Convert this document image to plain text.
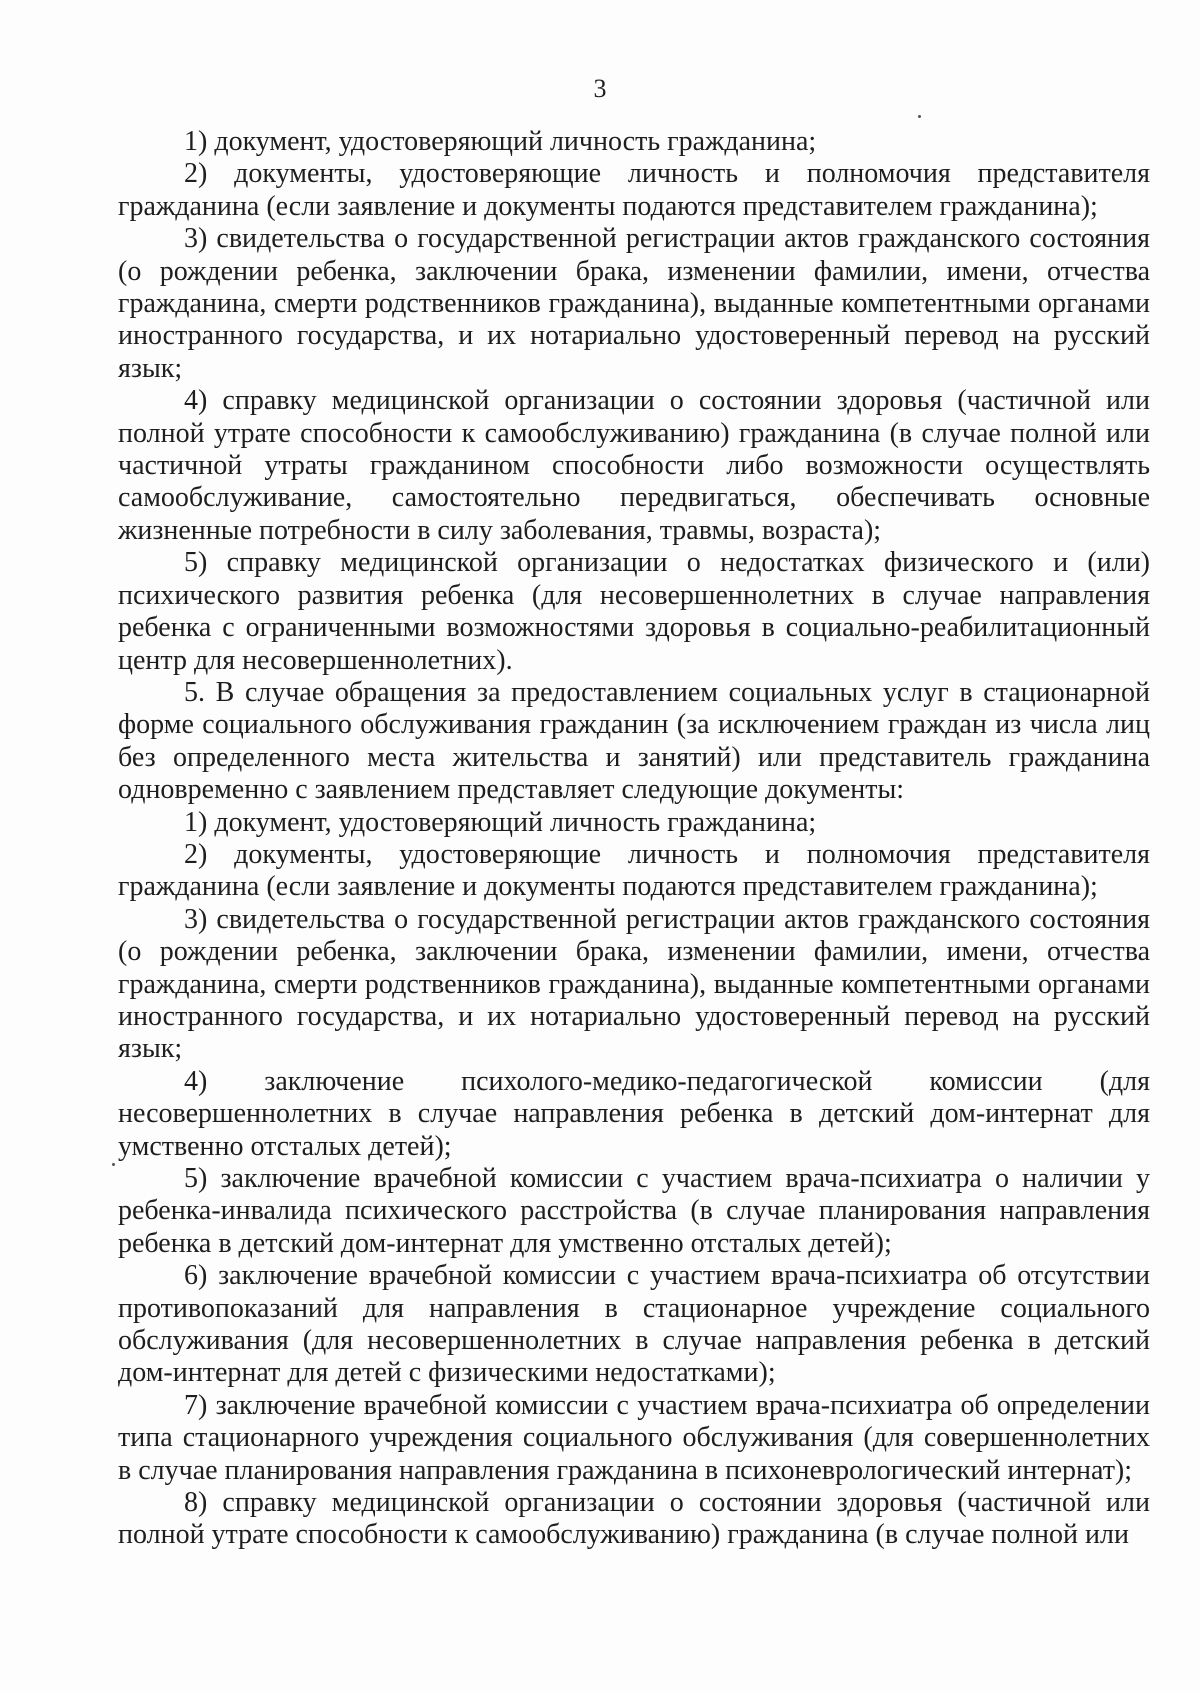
3

1) документ, удостоверяющий личность гражданина;

2) документы, удостоверяющие личность и полномочия представителя гражданина (если заявление и документы подаются представителем гражданина);

3) свидетельства о государственной регистрации актов гражданского состояния (о рождении ребенка, заключении брака, изменении фамилии, имени, отчества гражданина, смерти родственников гражданина), выданные компетентными органами иностранного государства, и их нотариально удостоверенный перевод на русский язык;

4) справку медицинской организации о состоянии здоровья (частичной или полной утрате способности к самообслуживанию) гражданина (в случае полной или частичной утраты гражданином способности либо возможности осуществлять самообслуживание, самостоятельно передвигаться, обеспечивать основные жизненные потребности в силу заболевания, травмы, возраста);

5) справку медицинской организации о недостатках физического и (или) психического развития ребенка (для несовершеннолетних в случае направления ребенка с ограниченными возможностями здоровья в социально-реабилитационный центр для несовершеннолетних).

5. В случае обращения за предоставлением социальных услуг в стационарной форме социального обслуживания гражданин (за исключением граждан из числа лиц без определенного места жительства и занятий) или представитель гражданина одновременно с заявлением представляет следующие документы:

1) документ, удостоверяющий личность гражданина;

2) документы, удостоверяющие личность и полномочия представителя гражданина (если заявление и документы подаются представителем гражданина);

3) свидетельства о государственной регистрации актов гражданского состояния (о рождении ребенка, заключении брака, изменении фамилии, имени, отчества гражданина, смерти родственников гражданина), выданные компетентными органами иностранного государства, и их нотариально удостоверенный перевод на русский язык;

4) заключение психолого-медико-педагогической комиссии (для несовершеннолетних в случае направления ребенка в детский дом-интернат для умственно отсталых детей);

5) заключение врачебной комиссии с участием врача-психиатра о наличии у ребенка-инвалида психического расстройства (в случае планирования направления ребенка в детский дом-интернат для умственно отсталых детей);

6) заключение врачебной комиссии с участием врача-психиатра об отсутствии противопоказаний для направления в стационарное учреждение социального обслуживания (для несовершеннолетних в случае направления ребенка в детский дом-интернат для детей с физическими недостатками);

7) заключение врачебной комиссии с участием врача-психиатра об определении типа стационарного учреждения социального обслуживания (для совершеннолетних в случае планирования направления гражданина в психоневрологический интернат);

8) справку медицинской организации о состоянии здоровья (частичной или полной утрате способности к самообслуживанию) гражданина (в случае полной или
